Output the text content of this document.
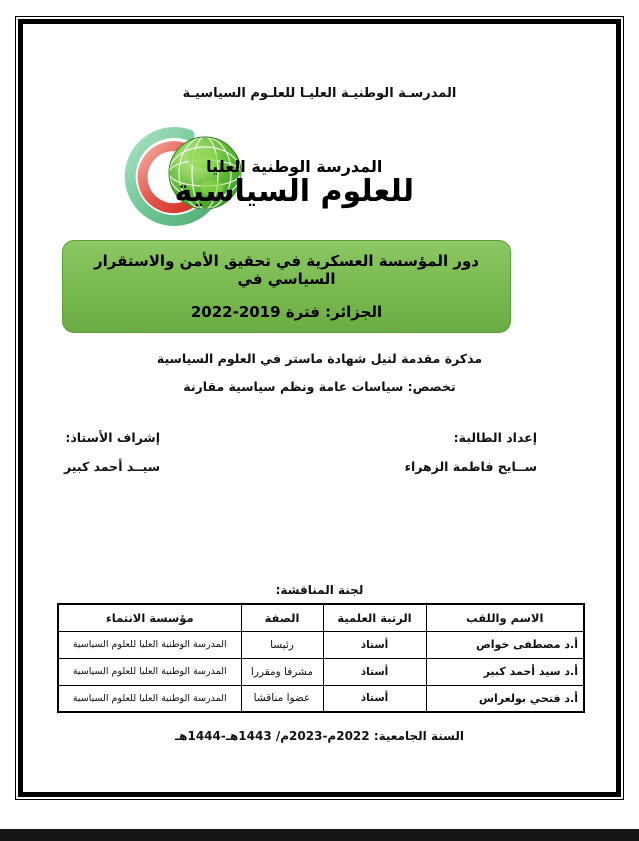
المدرسـة الوطنيـة العليـا للعلـوم السياسيـة
المدرسة الوطنية العليا
للعلوم السياسية
دور المؤسسة العسكرية في تحقيق الأمن والاستقرار السياسي في
الجزائر: فترة 2019‏-2022
مذكرة مقدمة لنيل شهادة ماستر في العلوم السياسية
تخصص: سياسات عامة ونظم سياسية مقارنة
إعداد الطالبة:
ســايح فاطمة الزهراء
إشراف الأستاذ:
سيــد أحمد كبير
لجنة المناقشة:
الاسم واللقب	الرتبة العلمية	الصفة	مؤسسة الانتماء
أ.د مصطفى خواص	أستاذ	رئيسا	المدرسة الوطنية العليا للعلوم السياسية
أ.د سيد أحمد كبير	أستاذ	مشرفا ومقررا	المدرسة الوطنية العليا للعلوم السياسية
أ.د فتحي بولعراس	أستاذ	عضوا مناقشا	المدرسة الوطنية العليا للعلوم السياسية
السنة الجامعية: 2022م-2023م/ 1443هـ-1444هـ
